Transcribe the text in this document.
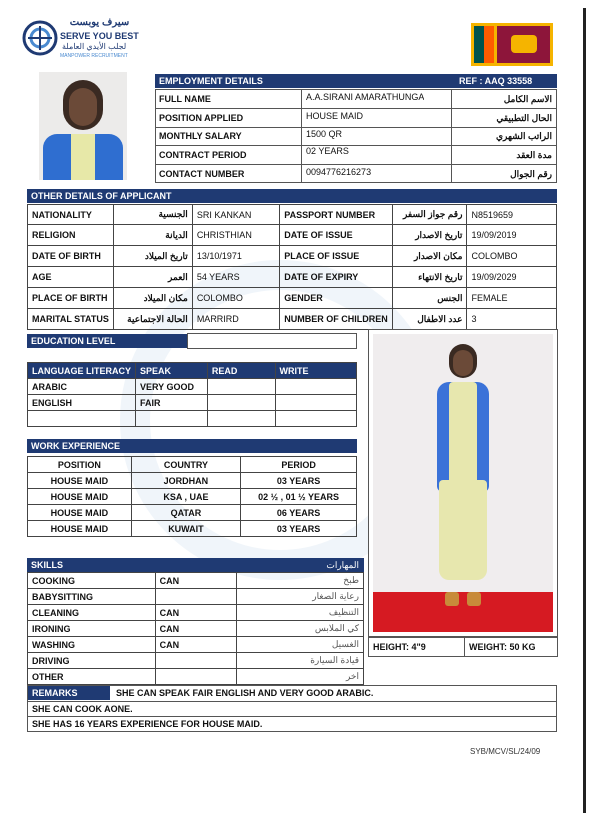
سيرف يوبست
SERVE YOU BEST
لجلب الأيدي العاملة
MANPOWER RECRUITMENT
EMPLOYMENT DETAILS	REF : AAQ 33558
FULL NAME	A.A.SIRANI AMARATHUNGA	الاسم الكامل
POSITION APPLIED	HOUSE MAID	الحال التطبيقي
MONTHLY SALARY	1500 QR	الراتب الشهري
CONTRACT PERIOD	02 YEARS	مدة العقد
CONTACT NUMBER	0094776216273	رقم الجوال
OTHER DETAILS OF APPLICANT
NATIONALITY	الجنسية	SRI KANKAN	PASSPORT NUMBER	رقم جواز السفر	N8519659
RELIGION	الديانة	CHRISTHIAN	DATE OF ISSUE	تاريخ الاصدار	19/09/2019
DATE OF BIRTH	تاريخ الميلاد	13/10/1971	PLACE OF ISSUE	مكان الاصدار	COLOMBO
AGE	العمر	54 YEARS	DATE OF EXPIRY	تاريخ الانتهاء	19/09/2029
PLACE OF BIRTH	مكان الميلاد	COLOMBO	GENDER	الجنس	FEMALE
MARITAL STATUS	الحالة الاجتماعية	MARRIRD	NUMBER OF CHILDREN	عدد الاطفال	3
EDUCATION LEVEL
LANGUAGE LITERACY	SPEAK	READ	WRITE
ARABIC	VERY GOOD		
ENGLISH	FAIR		

WORK EXPERIENCE
POSITION	COUNTRY	PERIOD
HOUSE MAID	JORDHAN	03 YEARS
HOUSE MAID	KSA , UAE	02 ½ , 01 ½ YEARS
HOUSE MAID	QATAR	06 YEARS
HOUSE MAID	KUWAIT	03 YEARS
SKILLS	المهارات
COOKING	CAN	طبخ
BABYSITTING		رعاية الصغار
CLEANING	CAN	التنظيف
IRONING	CAN	كي الملابس
WASHING	CAN	الغسيل
DRIVING		قيادة السيارة
OTHER		اخر
HEIGHT: 4"9	WEIGHT: 50 KG
REMARKS	SHE CAN SPEAK FAIR ENGLISH AND VERY GOOD ARABIC.
SHE CAN COOK AONE.
SHE HAS 16 YEARS EXPERIENCE FOR HOUSE MAID.
SYB/MCV/SL/24/09
